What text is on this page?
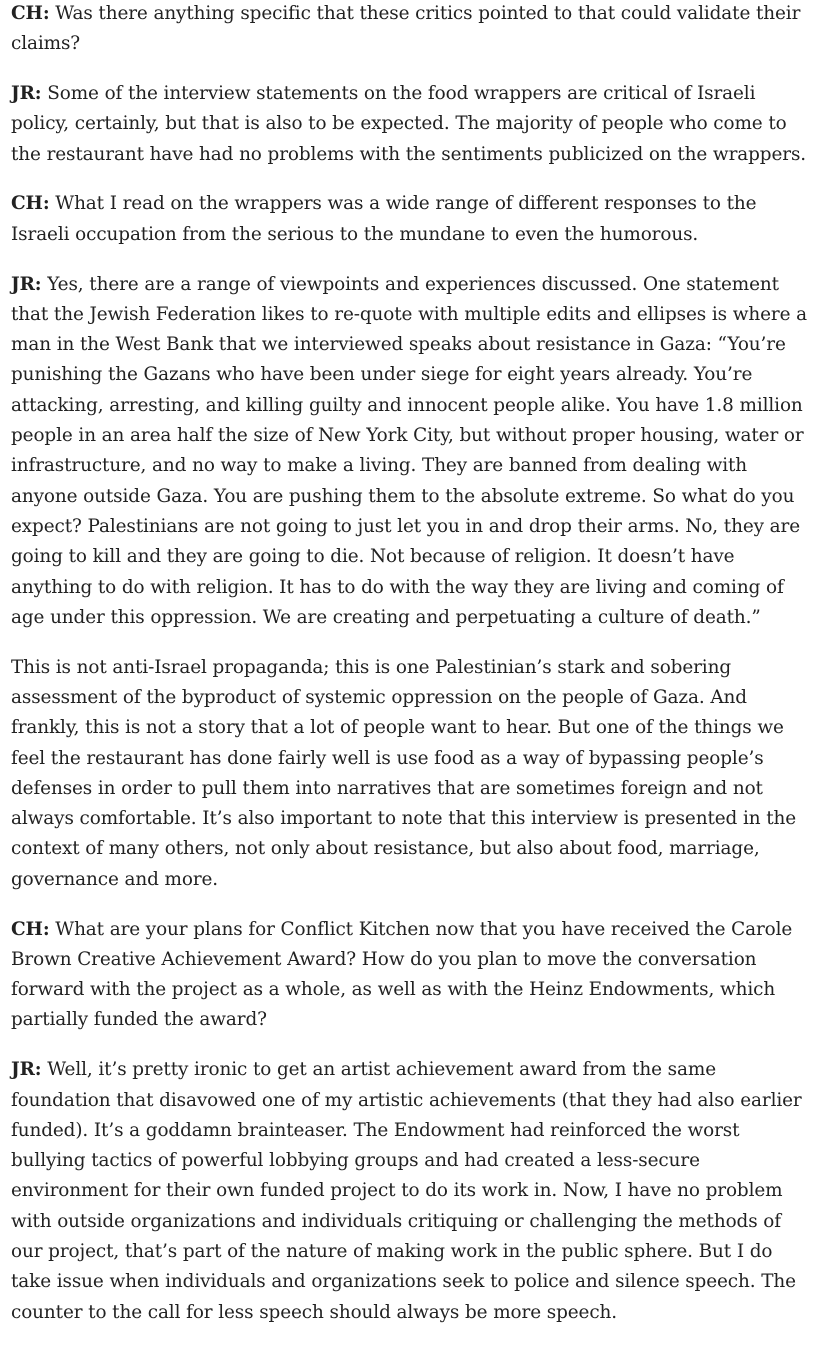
CH: Was there anything specific that these critics pointed to that could validate their claims?

JR: Some of the interview statements on the food wrappers are critical of Israeli policy, certainly, but that is also to be expected. The majority of people who come to the restaurant have had no problems with the sentiments publicized on the wrappers.

CH: What I read on the wrappers was a wide range of different responses to the Israeli occupation from the serious to the mundane to even the humorous.

JR: Yes, there are a range of viewpoints and experiences discussed. One statement that the Jewish Federation likes to re-quote with multiple edits and ellipses is where a man in the West Bank that we interviewed speaks about resistance in Gaza: “You’re punishing the Gazans who have been under siege for eight years already. You’re attacking, arresting, and killing guilty and innocent people alike. You have 1.8 million people in an area half the size of New York City, but without proper housing, water or infrastructure, and no way to make a living. They are banned from dealing with anyone outside Gaza. You are pushing them to the absolute extreme. So what do you expect? Palestinians are not going to just let you in and drop their arms. No, they are going to kill and they are going to die. Not because of religion. It doesn’t have anything to do with religion. It has to do with the way they are living and coming of age under this oppression. We are creating and perpetuating a culture of death.”

This is not anti-Israel propaganda; this is one Palestinian’s stark and sobering assessment of the byproduct of systemic oppression on the people of Gaza. And frankly, this is not a story that a lot of people want to hear. But one of the things we feel the restaurant has done fairly well is use food as a way of bypassing people’s defenses in order to pull them into narratives that are sometimes foreign and not always comfortable. It’s also important to note that this interview is presented in the context of many others, not only about resistance, but also about food, marriage, governance and more.

CH: What are your plans for Conflict Kitchen now that you have received the Carole Brown Creative Achievement Award? How do you plan to move the conversation forward with the project as a whole, as well as with the Heinz Endowments, which partially funded the award?

JR: Well, it’s pretty ironic to get an artist achievement award from the same foundation that disavowed one of my artistic achievements (that they had also earlier funded). It’s a goddamn brainteaser. The Endowment had reinforced the worst bullying tactics of powerful lobbying groups and had created a less-secure environment for their own funded project to do its work in. Now, I have no problem with outside organizations and individuals critiquing or challenging the methods of our project, that’s part of the nature of making work in the public sphere. But I do take issue when individuals and organizations seek to police and silence speech. The counter to the call for less speech should always be more speech.
